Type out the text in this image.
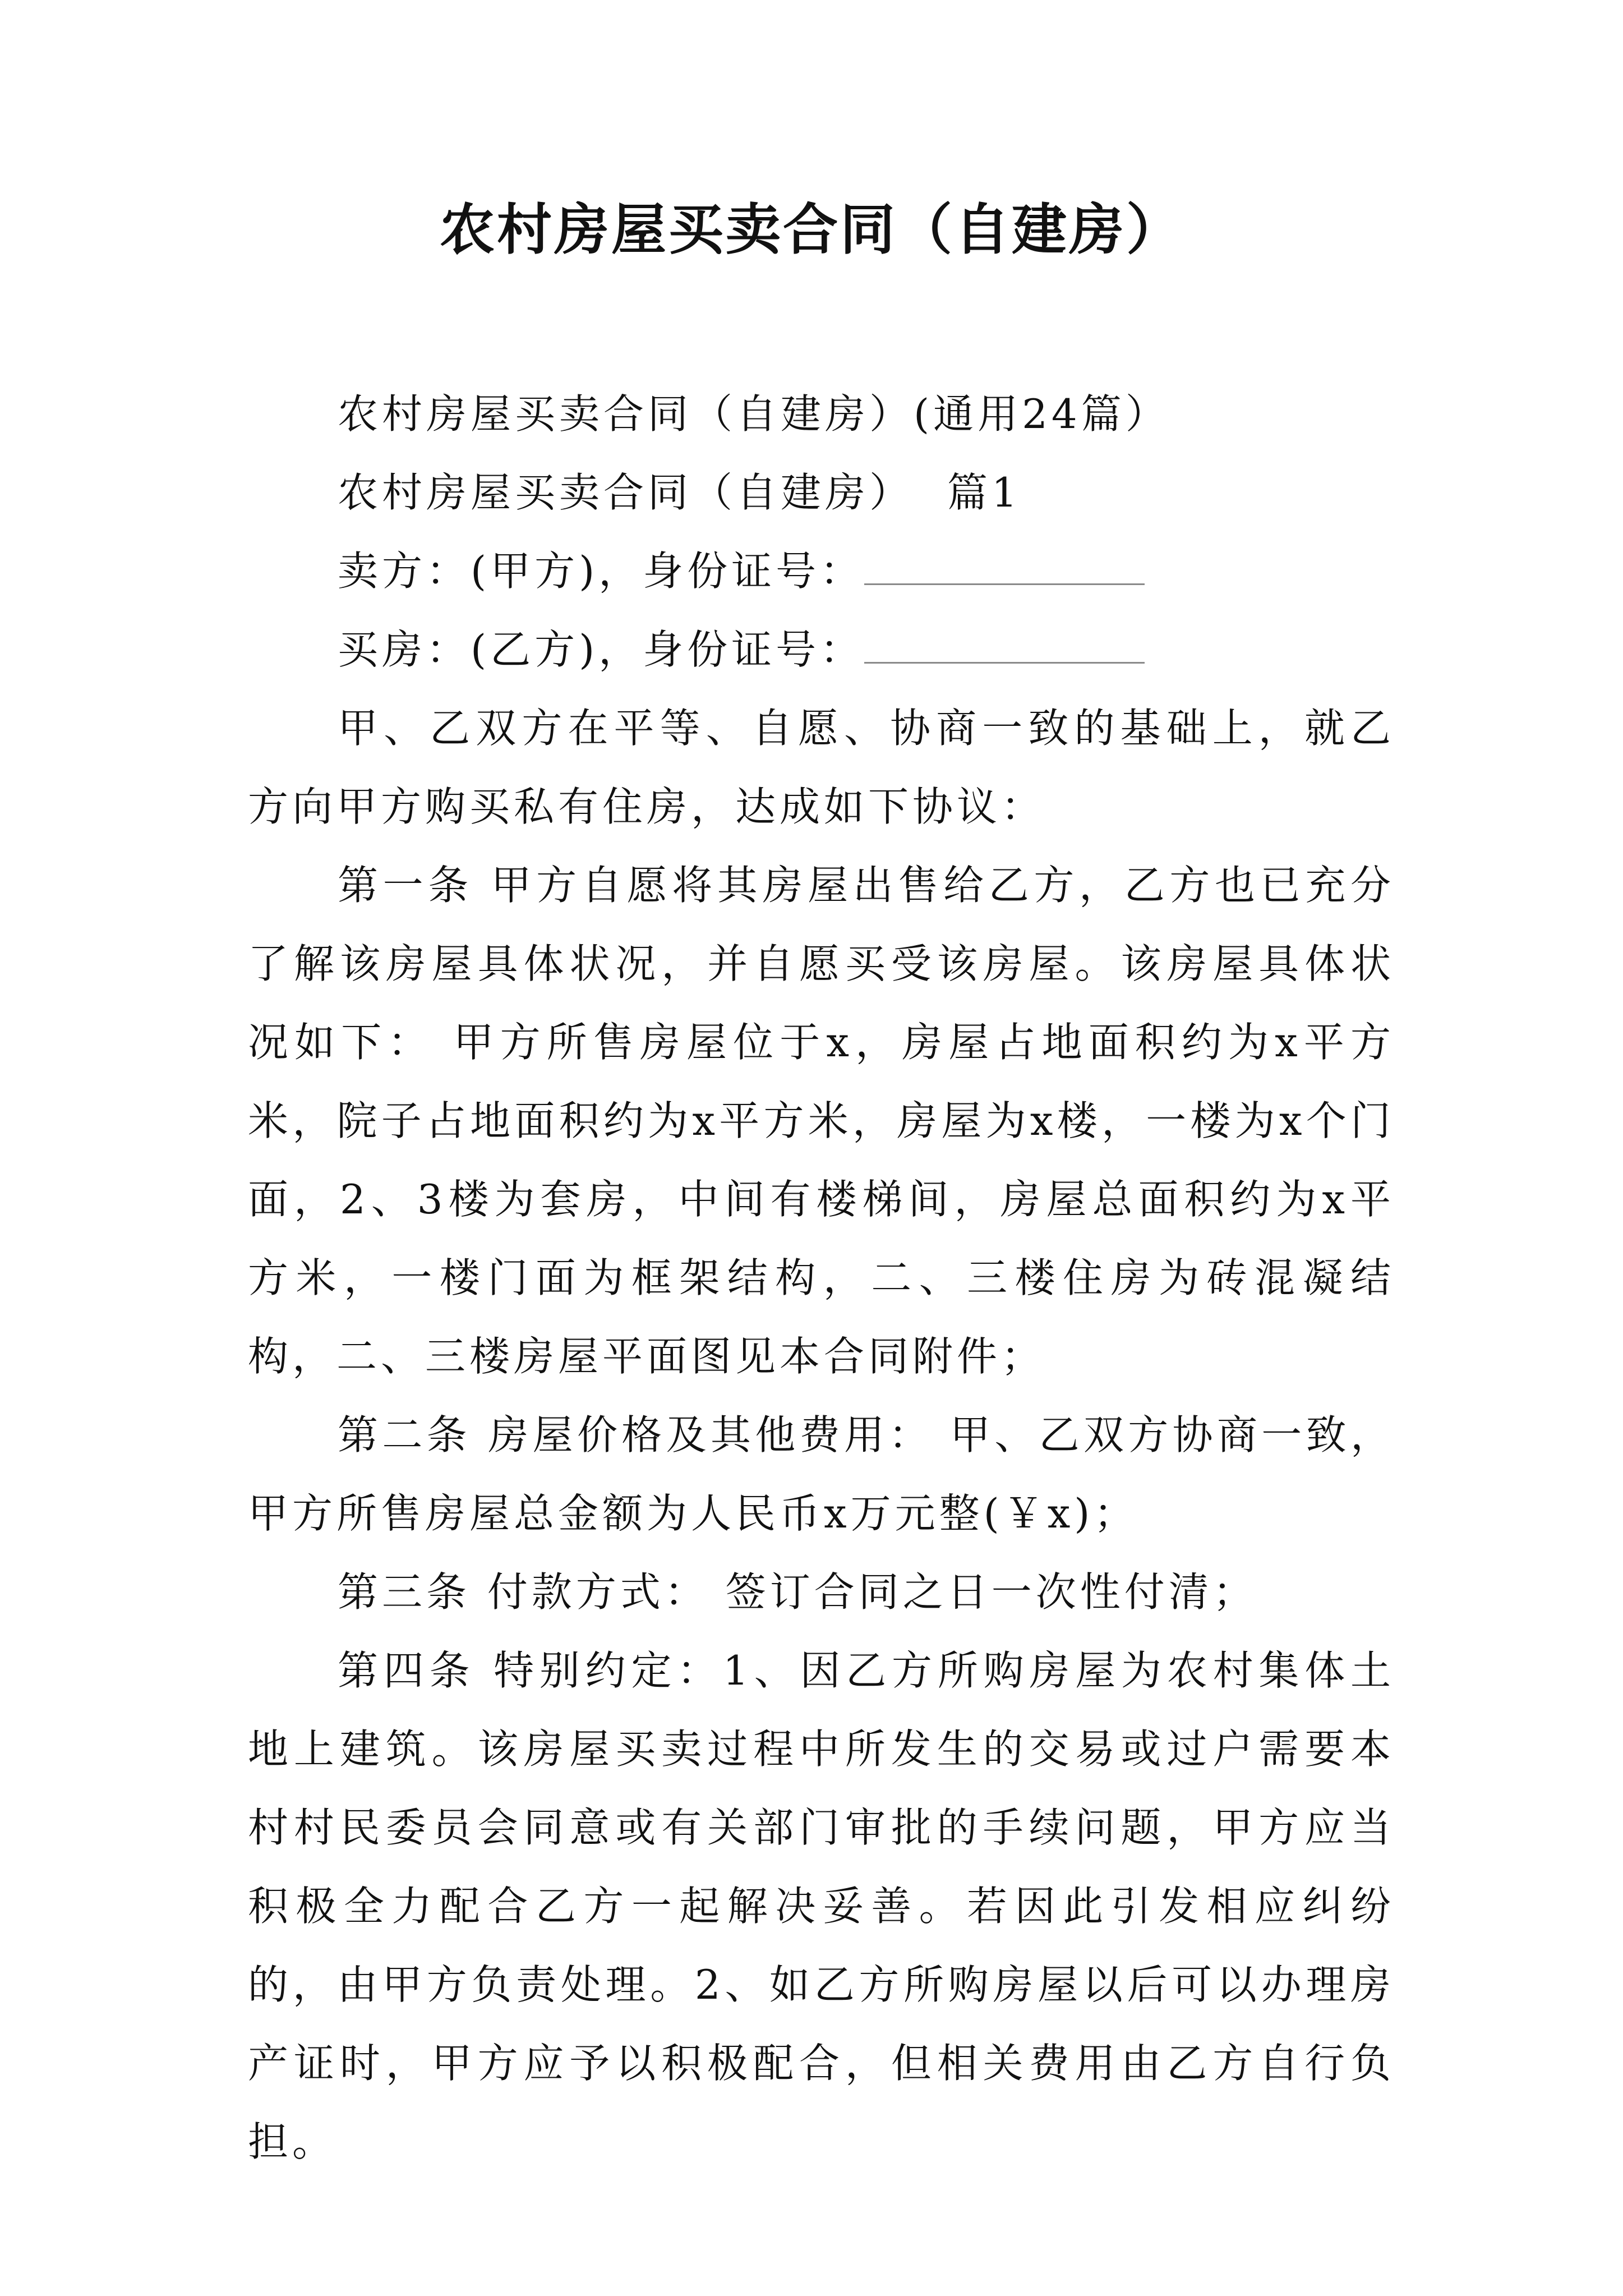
农村房屋买卖合同（自建房）

农村房屋买卖合同（自建房）(通用24篇）

农村房屋买卖合同（自建房） 篇1

卖方：(甲方)，身份证号：

买房：(乙方)，身份证号：

甲、乙双方在平等、自愿、协商一致的基础上，就乙方向甲方购买私有住房，达成如下协议：

第一条 甲方自愿将其房屋出售给乙方，乙方也已充分了解该房屋具体状况，并自愿买受该房屋。该房屋具体状况如下： 甲方所售房屋位于x，房屋占地面积约为x平方米，院子占地面积约为x平方米，房屋为x楼，一楼为x个门面，2、3楼为套房，中间有楼梯间，房屋总面积约为x平方米，一楼门面为框架结构，二、三楼住房为砖混凝结构，二、三楼房屋平面图见本合同附件；

第二条 房屋价格及其他费用： 甲、乙双方协商一致，甲方所售房屋总金额为人民币x万元整(￥x)；

第三条 付款方式： 签订合同之日一次性付清；

第四条 特别约定：1、因乙方所购房屋为农村集体土地上建筑。该房屋买卖过程中所发生的交易或过户需要本村村民委员会同意或有关部门审批的手续问题，甲方应当积极全力配合乙方一起解决妥善。若因此引发相应纠纷的，由甲方负责处理。2、如乙方所购房屋以后可以办理房产证时，甲方应予以积极配合，但相关费用由乙方自行负担。
